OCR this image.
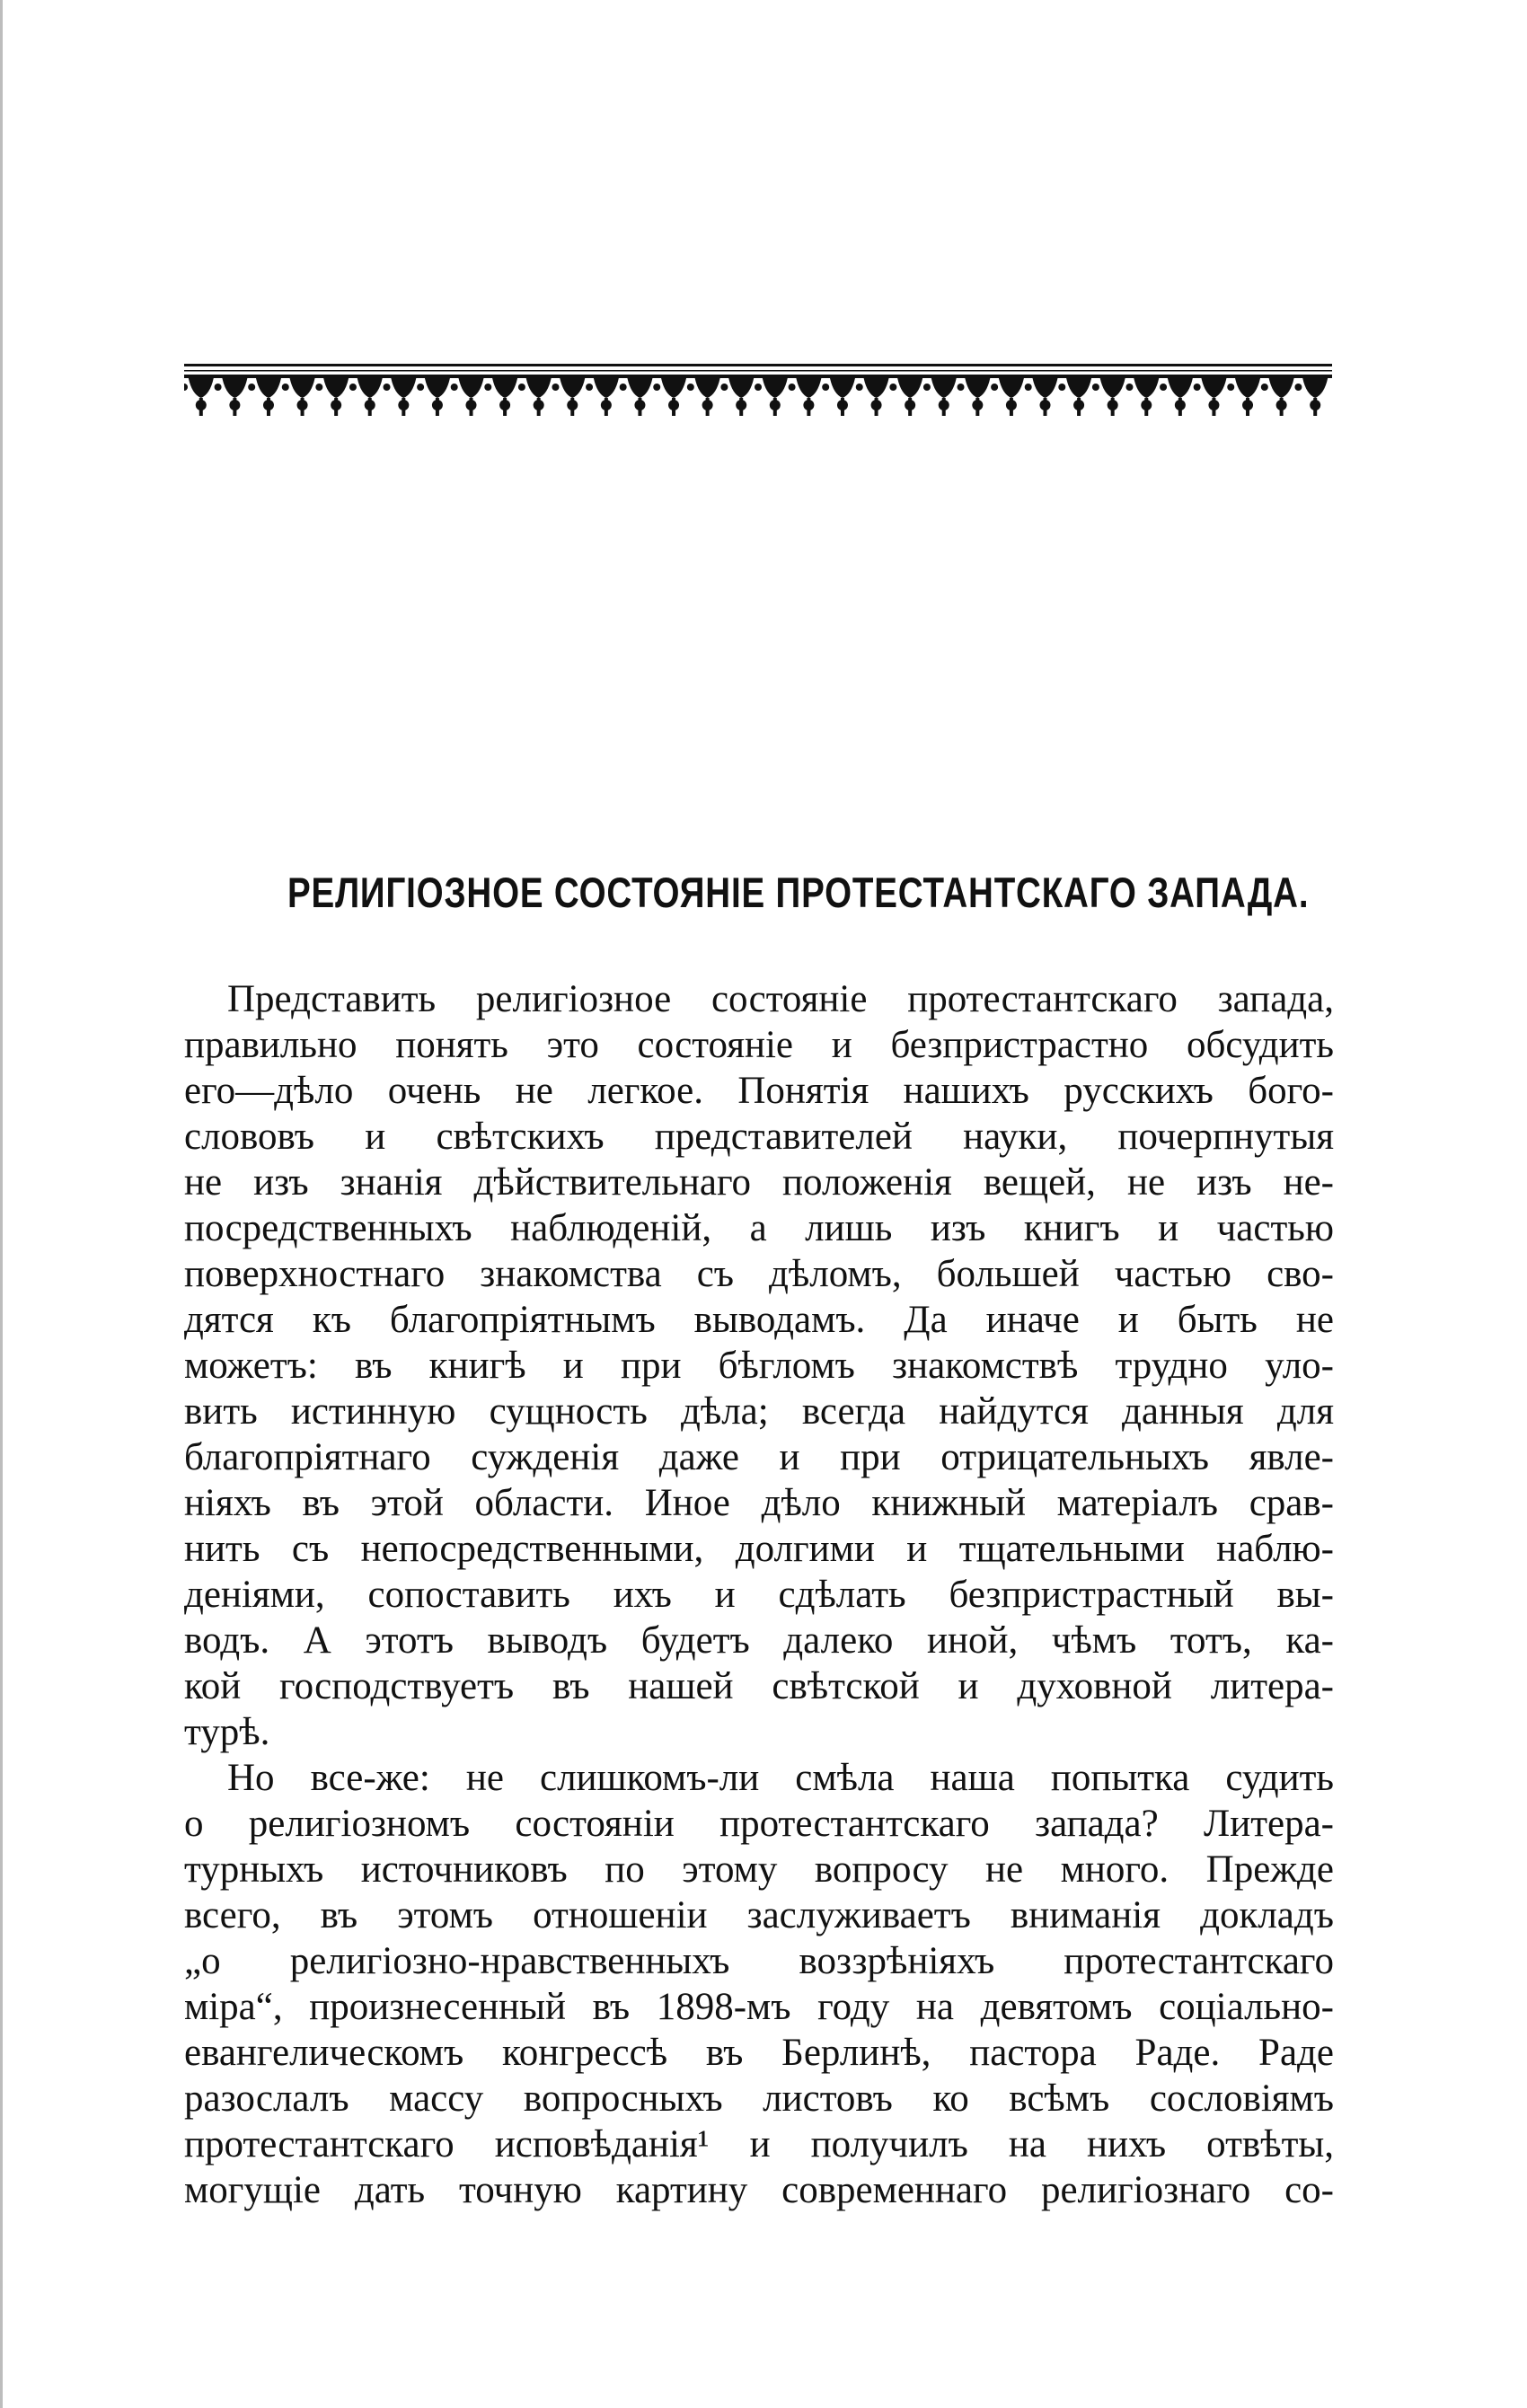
РЕЛИГІОЗНОЕ СОСТОЯНІЕ ПРОТЕСТАНТСКАГО ЗАПАДА.
Представить религіозное состояніе протестантскаго запада,
правильно понять это состояніе и безпристрастно обсудить
его—дѣло очень не легкое. Понятія нашихъ русскихъ бого-
слововъ и свѣтскихъ представителей науки, почерпнутыя
не изъ знанія дѣйствительнаго положенія вещей, не изъ не-
посредственныхъ наблюденій, а лишь изъ книгъ и частью
поверхностнаго знакомства съ дѣломъ, большей частью сво-
дятся къ благопріятнымъ выводамъ. Да иначе и быть не
можетъ: въ книгѣ и при бѣгломъ знакомствѣ трудно уло-
вить истинную сущность дѣла; всегда найдутся данныя для
благопріятнаго сужденія даже и при отрицательныхъ явле-
ніяхъ въ этой области. Иное дѣло книжный матеріалъ срав-
нить съ непосредственными, долгими и тщательными наблю-
деніями, сопоставить ихъ и сдѣлать безпристрастный вы-
водъ. А этотъ выводъ будетъ далеко иной, чѣмъ тотъ, ка-
кой господствуетъ въ нашей свѣтской и духовной литера-
турѣ.
Но все-же: не слишкомъ-ли смѣла наша попытка судить
о религіозномъ состояніи протестантскаго запада? Литера-
турныхъ источниковъ по этому вопросу не много. Прежде
всего, въ этомъ отношеніи заслуживаетъ вниманія докладъ
„о религіозно-нравственныхъ воззрѣніяхъ протестантскаго
міра“, произнесенный въ 1898-мъ году на девятомъ соціально-
евангелическомъ конгрессѣ въ Берлинѣ, пастора Раде. Раде
разослалъ массу вопросныхъ листовъ ко всѣмъ сословіямъ
протестантскаго исповѣданія¹ и получилъ на нихъ отвѣты,
могущіе дать точную картину современнаго религіознаго со-
